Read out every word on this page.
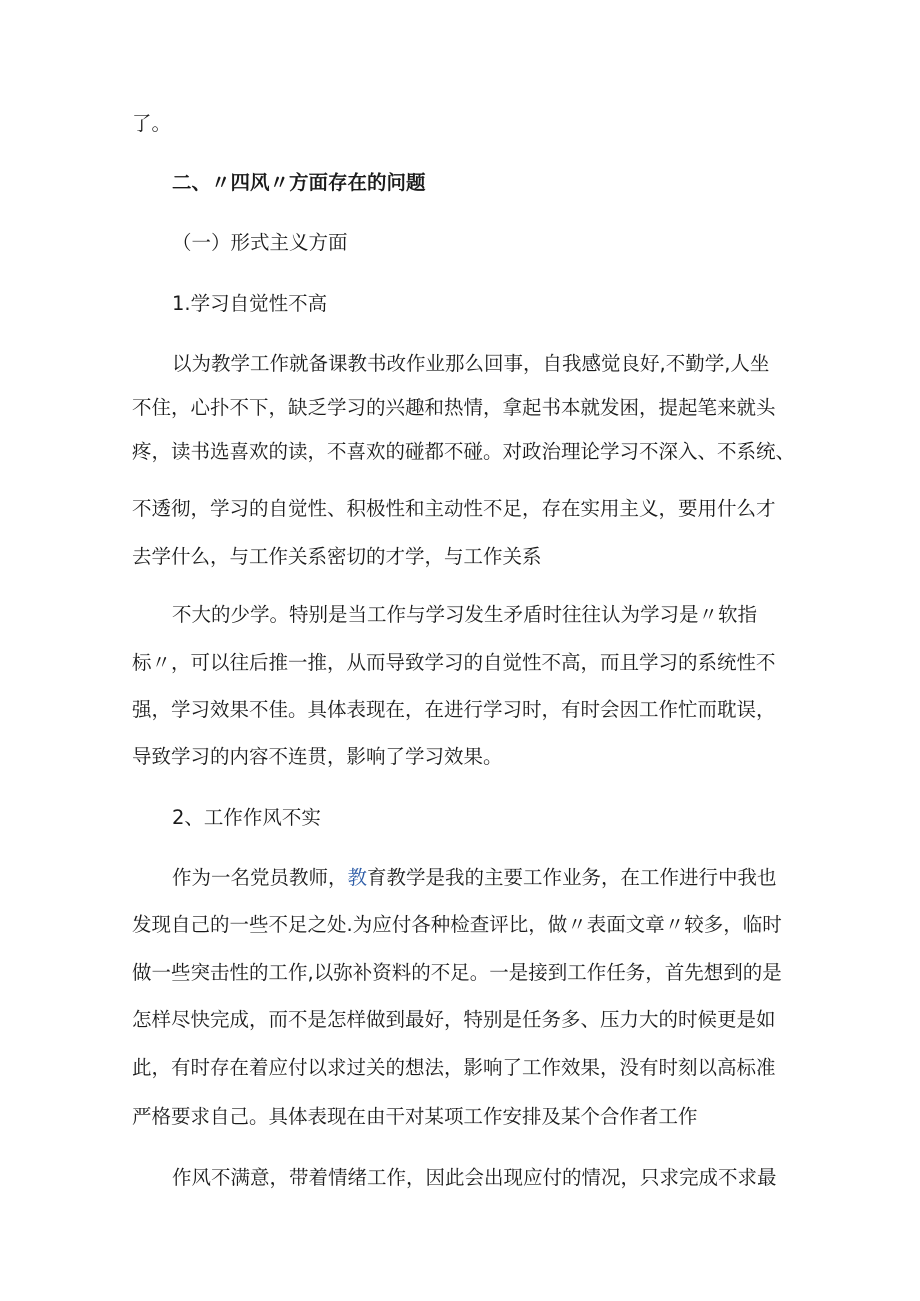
了。
二、〃四风〃方面存在的问题
（一）形式主义方面
1.学习自觉性不高
以为教学工作就备课教书改作业那么回事，自我感觉良好,不勤学,人坐
不住，心扑不下，缺乏学习的兴趣和热情，拿起书本就发困，提起笔来就头
疼，读书选喜欢的读，不喜欢的碰都不碰。对政治理论学习不深入、不系统、
不透彻，学习的自觉性、积极性和主动性不足，存在实用主义，要用什么才
去学什么，与工作关系密切的才学，与工作关系
不大的少学。特别是当工作与学习发生矛盾时往往认为学习是〃软指
标〃，可以往后推一推，从而导致学习的自觉性不高，而且学习的系统性不
强，学习效果不佳。具体表现在，在进行学习时，有时会因工作忙而耽误，
导致学习的内容不连贯，影响了学习效果。
2、工作作风不实
作为一名党员教师，教育教学是我的主要工作业务，在工作进行中我也
发现自己的一些不足之处.为应付各种检查评比，做〃表面文章〃较多，临时
做一些突击性的工作,以弥补资料的不足。一是接到工作任务，首先想到的是
怎样尽快完成，而不是怎样做到最好，特别是任务多、压力大的时候更是如
此，有时存在着应付以求过关的想法，影响了工作效果，没有时刻以高标准
严格要求自己。具体表现在由干对某项工作安排及某个合作者工作
作风不满意，带着情绪工作，因此会出现应付的情况，只求完成不求最
